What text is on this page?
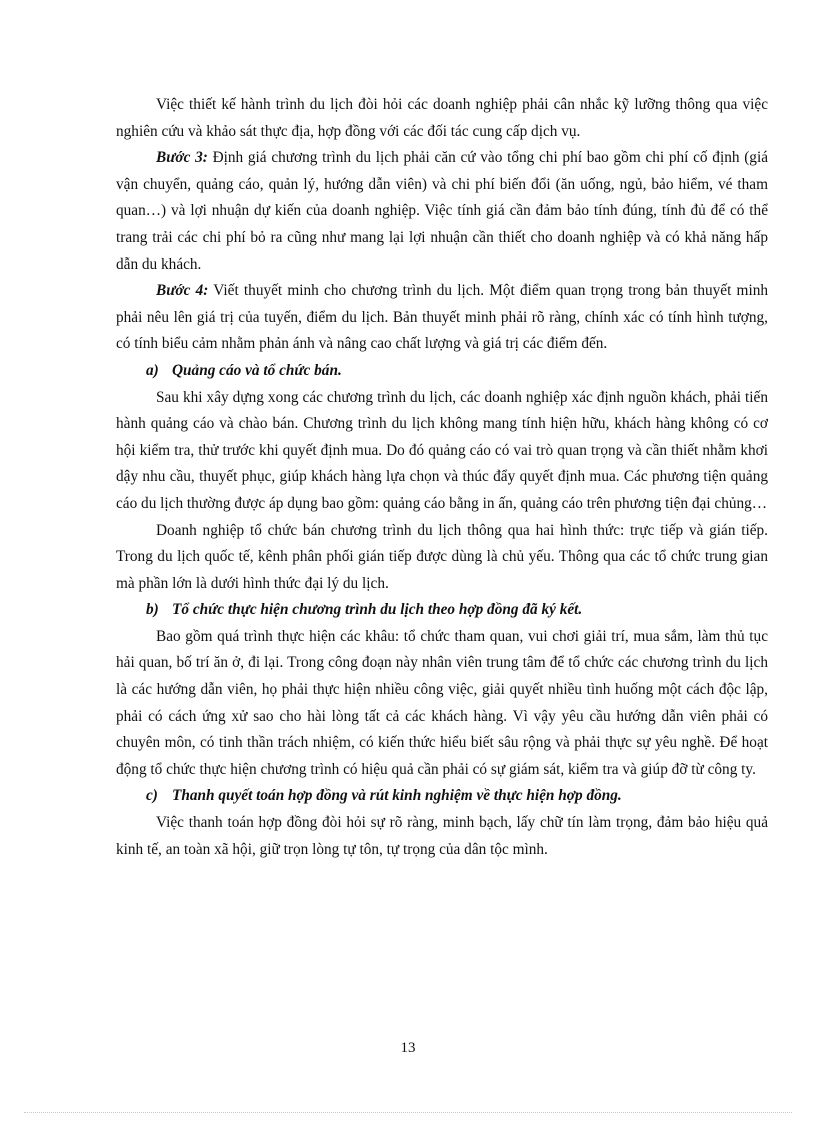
Việc thiết kế hành trình du lịch đòi hỏi các doanh nghiệp phải cân nhắc kỹ lưỡng thông qua việc nghiên cứu và khảo sát thực địa, hợp đồng với các đối tác cung cấp dịch vụ.

Bước 3: Định giá chương trình du lịch phải căn cứ vào tổng chi phí bao gồm chi phí cố định (giá vận chuyển, quảng cáo, quản lý, hướng dẫn viên) và chi phí biến đổi (ăn uống, ngủ, bảo hiểm, vé tham quan…) và lợi nhuận dự kiến của doanh nghiệp. Việc tính giá cần đảm bảo tính đúng, tính đủ để có thể trang trải các chi phí bỏ ra cũng như mang lại lợi nhuận cần thiết cho doanh nghiệp và có khả năng hấp dẫn du khách.

Bước 4: Viết thuyết minh cho chương trình du lịch. Một điểm quan trọng trong bản thuyết minh phải nêu lên giá trị của tuyến, điểm du lịch. Bản thuyết minh phải rõ ràng, chính xác có tính hình tượng, có tính biểu cảm nhằm phản ánh và nâng cao chất lượng và giá trị các điểm đến.

a) Quảng cáo và tổ chức bán.

Sau khi xây dựng xong các chương trình du lịch, các doanh nghiệp xác định nguồn khách, phải tiến hành quảng cáo và chào bán. Chương trình du lịch không mang tính hiện hữu, khách hàng không có cơ hội kiểm tra, thử trước khi quyết định mua. Do đó quảng cáo có vai trò quan trọng và cần thiết nhằm khơi dậy nhu cầu, thuyết phục, giúp khách hàng lựa chọn và thúc đẩy quyết định mua. Các phương tiện quảng cáo du lịch thường được áp dụng bao gồm: quảng cáo bằng in ấn, quảng cáo trên phương tiện đại chủng…

Doanh nghiệp tổ chức bán chương trình du lịch thông qua hai hình thức: trực tiếp và gián tiếp. Trong du lịch quốc tế, kênh phân phối gián tiếp được dùng là chủ yếu. Thông qua các tổ chức trung gian mà phần lớn là dưới hình thức đại lý du lịch.

b) Tổ chức thực hiện chương trình du lịch theo hợp đồng đã ký kết.

Bao gồm quá trình thực hiện các khâu: tổ chức tham quan, vui chơi giải trí, mua sắm, làm thủ tục hải quan, bố trí ăn ở, đi lại. Trong công đoạn này nhân viên trung tâm để tổ chức các chương trình du lịch là các hướng dẫn viên, họ phải thực hiện nhiều công việc, giải quyết nhiều tình huống một cách độc lập, phải có cách ứng xử sao cho hài lòng tất cả các khách hàng. Vì vậy yêu cầu hướng dẫn viên phải có chuyên môn, có tinh thần trách nhiệm, có kiến thức hiểu biết sâu rộng và phải thực sự yêu nghề. Để hoạt động tổ chức thực hiện chương trình có hiệu quả cần phải có sự giám sát, kiểm tra và giúp đỡ từ công ty.

c) Thanh quyết toán hợp đồng và rút kinh nghiệm về thực hiện hợp đồng.

Việc thanh toán hợp đồng đòi hỏi sự rõ ràng, minh bạch, lấy chữ tín làm trọng, đảm bảo hiệu quả kinh tế, an toàn xã hội, giữ trọn lòng tự tôn, tự trọng của dân tộc mình.

13
